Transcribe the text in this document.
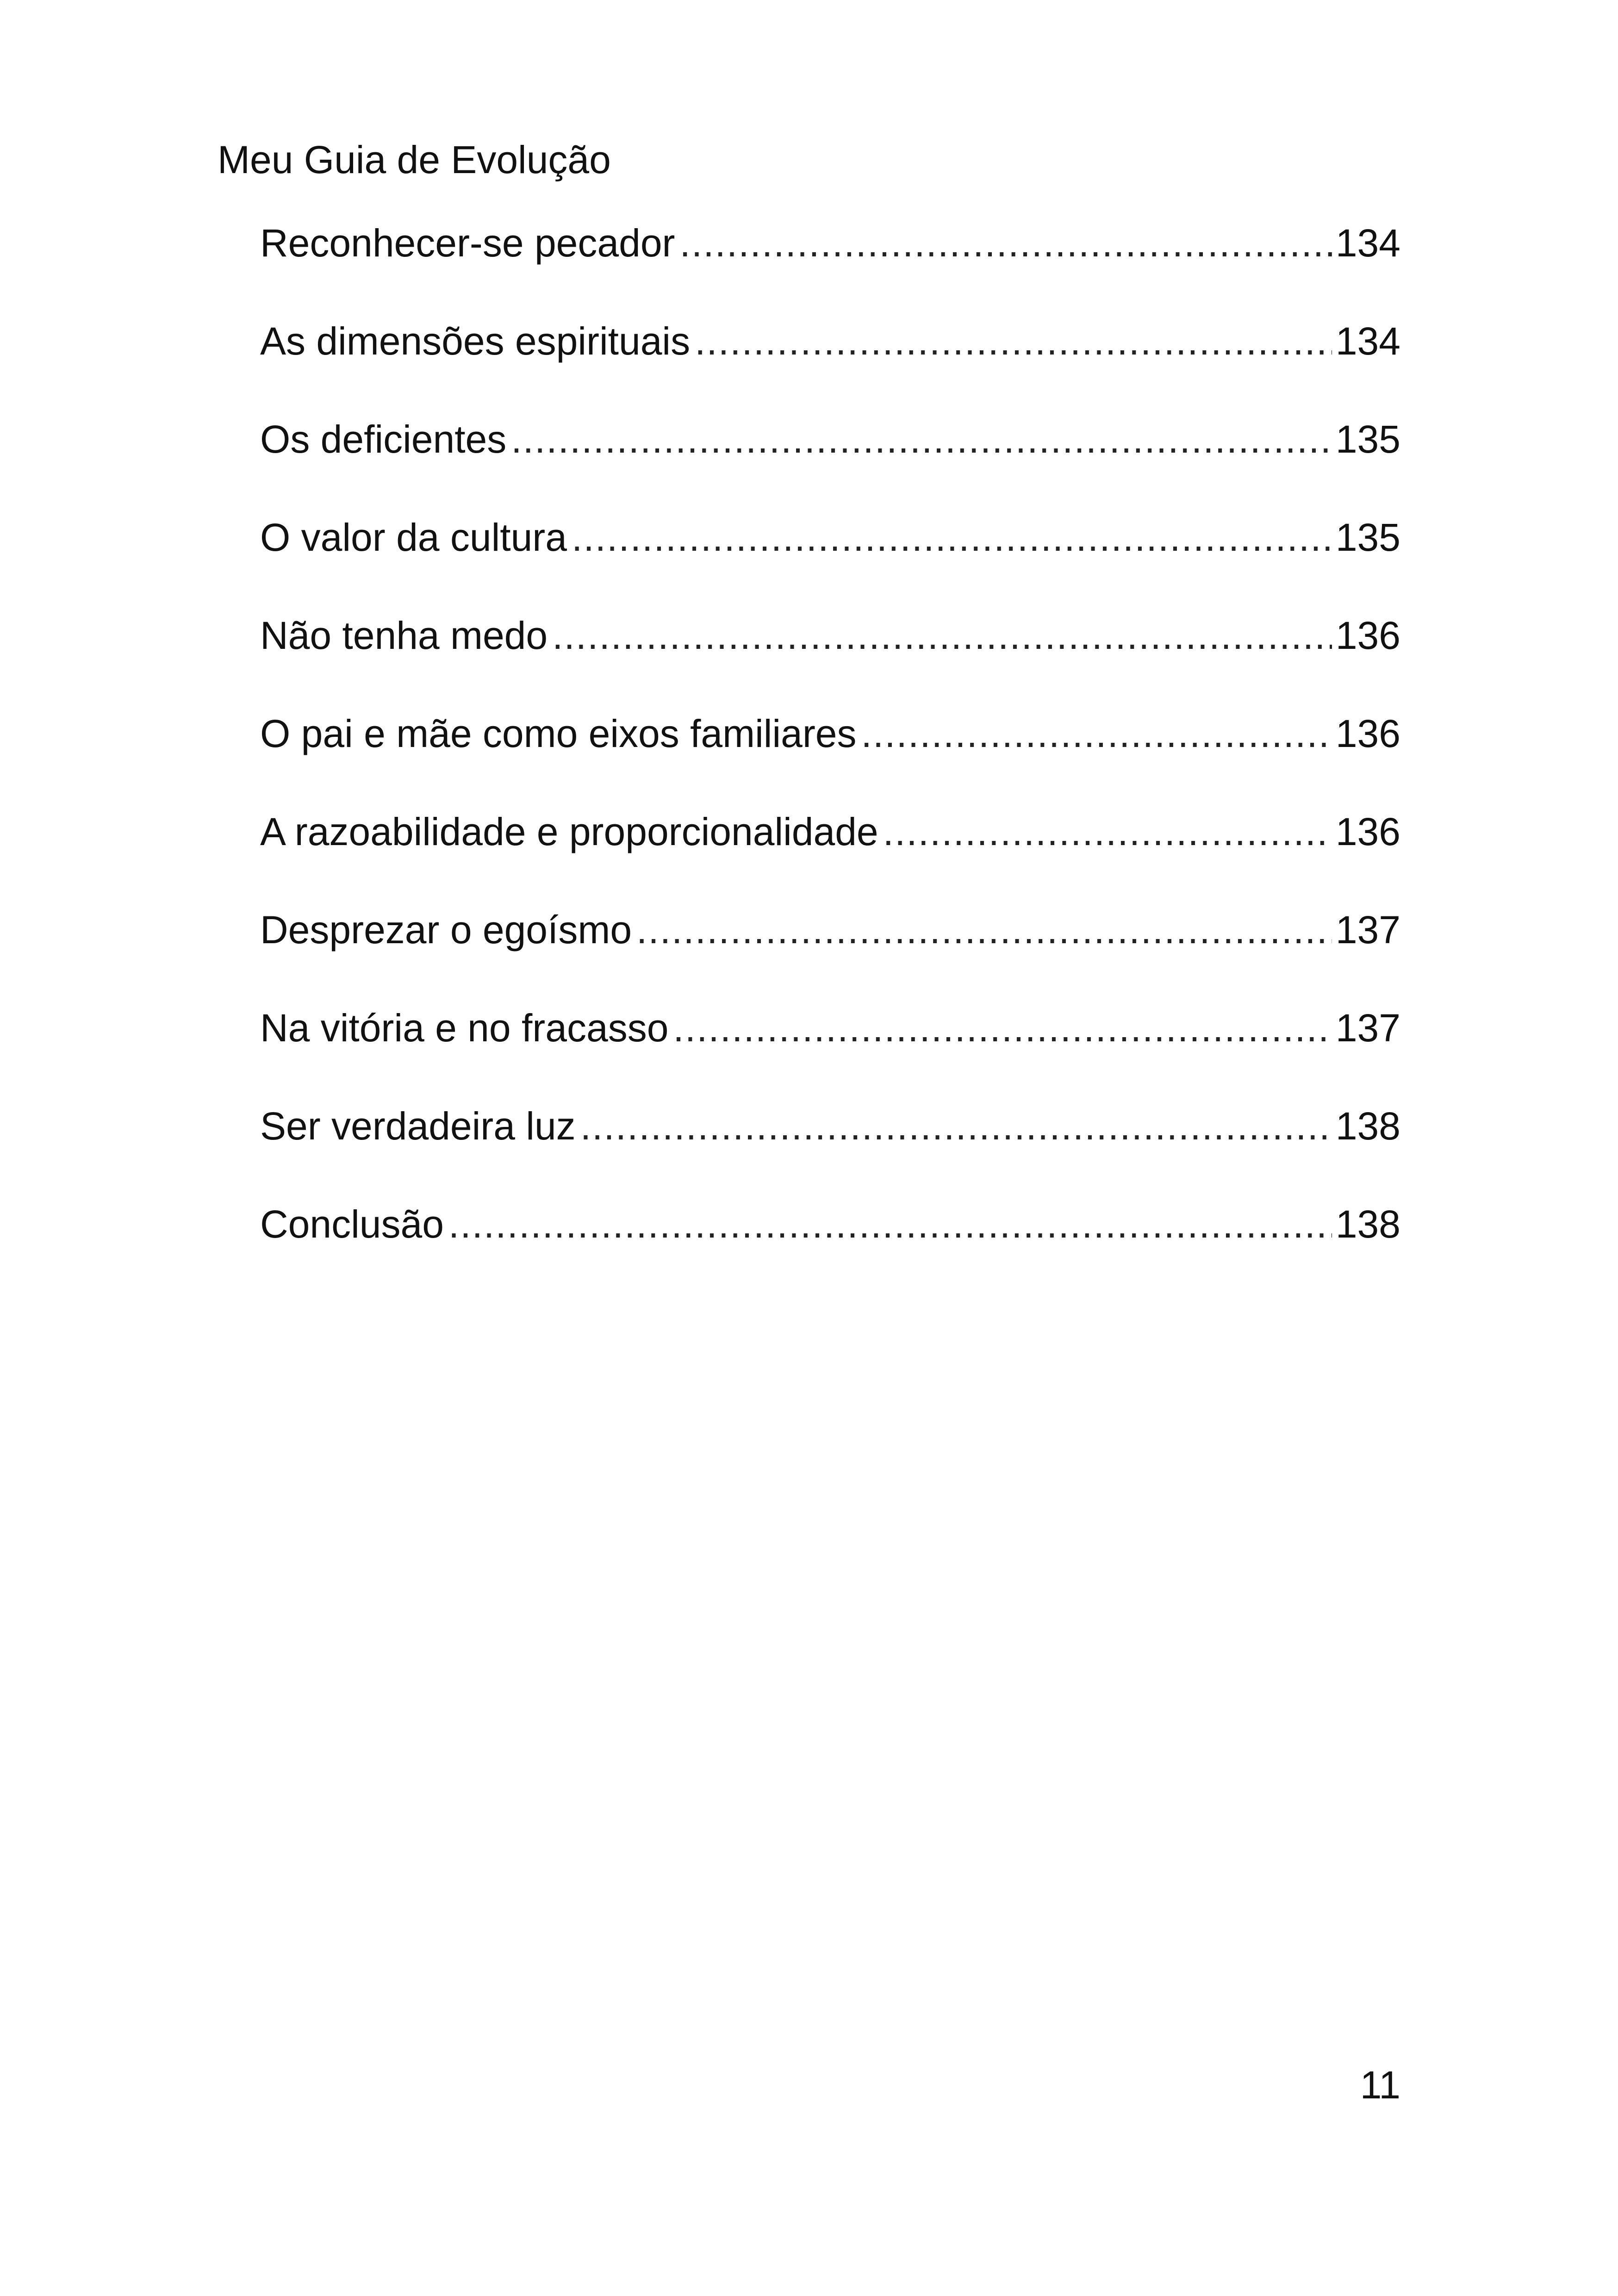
Meu Guia de Evolução
Reconhecer-se pecador .....	134
As dimensões espirituais .....	134
Os deficientes .....	135
O valor da cultura .....	135
Não tenha medo .....	136
O pai e mãe como eixos familiares .....	136
A razoabilidade e proporcionalidade .....	136
Desprezar o egoísmo .....	137
Na vitória e no fracasso .....	137
Ser verdadeira luz .....	138
Conclusão .....	138
11
